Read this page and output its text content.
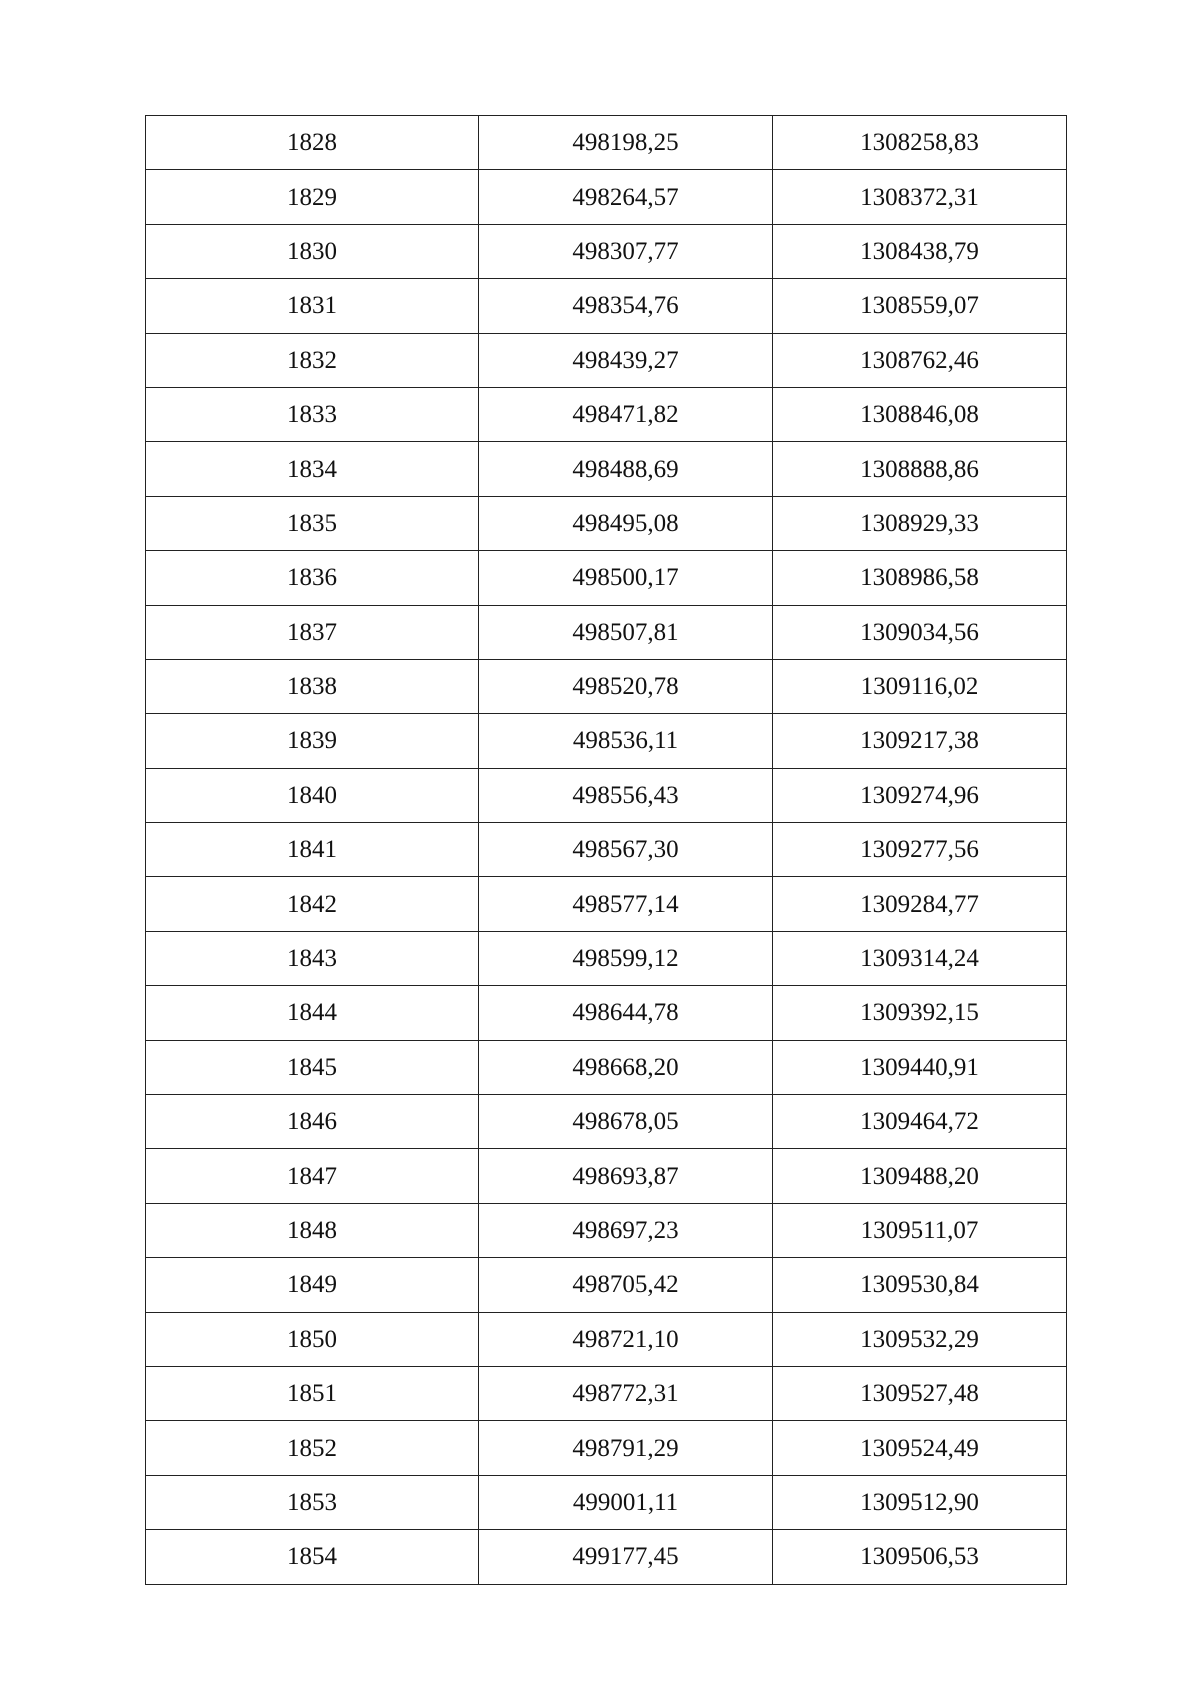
1828	498198,25	1308258,83
1829	498264,57	1308372,31
1830	498307,77	1308438,79
1831	498354,76	1308559,07
1832	498439,27	1308762,46
1833	498471,82	1308846,08
1834	498488,69	1308888,86
1835	498495,08	1308929,33
1836	498500,17	1308986,58
1837	498507,81	1309034,56
1838	498520,78	1309116,02
1839	498536,11	1309217,38
1840	498556,43	1309274,96
1841	498567,30	1309277,56
1842	498577,14	1309284,77
1843	498599,12	1309314,24
1844	498644,78	1309392,15
1845	498668,20	1309440,91
1846	498678,05	1309464,72
1847	498693,87	1309488,20
1848	498697,23	1309511,07
1849	498705,42	1309530,84
1850	498721,10	1309532,29
1851	498772,31	1309527,48
1852	498791,29	1309524,49
1853	499001,11	1309512,90
1854	499177,45	1309506,53
